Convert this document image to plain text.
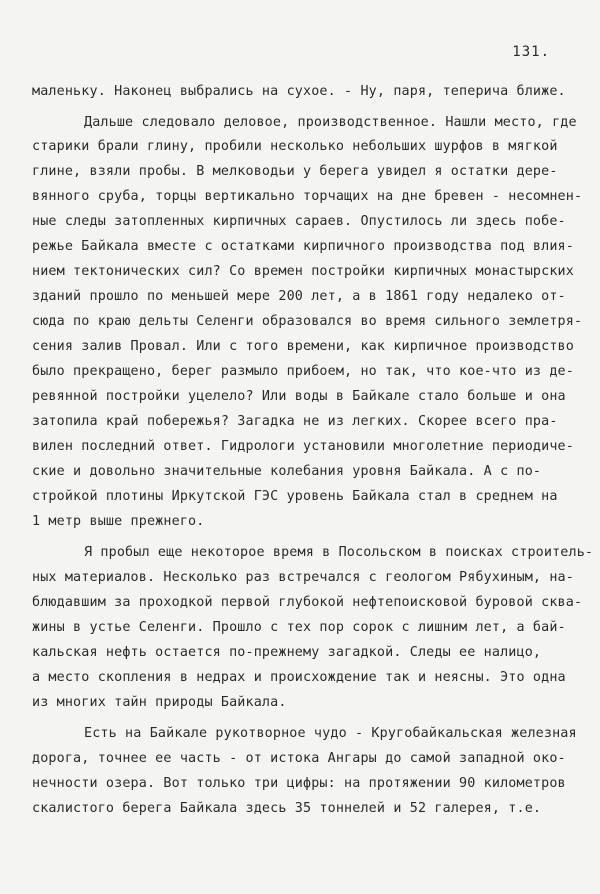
131.
маленьку. Наконец выбрались на сухое. - Ну, паря, теперича ближе.
Дальше следовало деловое, производственное. Нашли место, где
старики брали глину, пробили несколько небольших шурфов в мягкой
глине, взяли пробы. В мелководьи у берега увидел я остатки дере-
вянного сруба, торцы вертикально торчащих на дне бревен - несомнен-
ные следы затопленных кирпичных сараев. Опустилось ли здесь побе-
режье Байкала вместе с остатками кирпичного производства под влия-
нием тектонических сил? Со времен постройки кирпичных монастырских
зданий прошло по меньшей мере 200 лет, а в 1861 году недалеко от-
сюда по краю дельты Селенги образовался во время сильного землетря-
сения залив Провал. Или с того времени, как кирпичное производство
было прекращено, берег размыло прибоем, но так, что кое-что из де-
ревянной постройки уцелело? Или воды в Байкале стало больше и она
затопила край побережья? Загадка не из легких. Скорее всего пра-
вилен последний ответ. Гидрологи установили многолетние периодиче-
ские и довольно значительные колебания уровня Байкала. А с по-
стройкой плотины Иркутской ГЭС уровень Байкала стал в среднем на
1 метр выше прежнего.
Я пробыл еще некоторое время в Посольском в поисках строитель-
ных материалов. Несколько раз встречался с геологом Рябухиным, на-
блюдавшим за проходкой первой глубокой нефтепоисковой буровой сква-
жины в устье Селенги. Прошло с тех пор сорок с лишним лет, а бай-
кальская нефть остается по-прежнему загадкой. Следы ее налицо,
а место скопления в недрах и происхождение так и неясны. Это одна
из многих тайн природы Байкала.
Есть на Байкале рукотворное чудо - Кругобайкальская железная
дорога, точнее ее часть - от истока Ангары до самой западной око-
нечности озера. Вот только три цифры: на протяжении 90 километров
скалистого берега Байкала здесь 35 тоннелей и 52 галерея, т.е.
